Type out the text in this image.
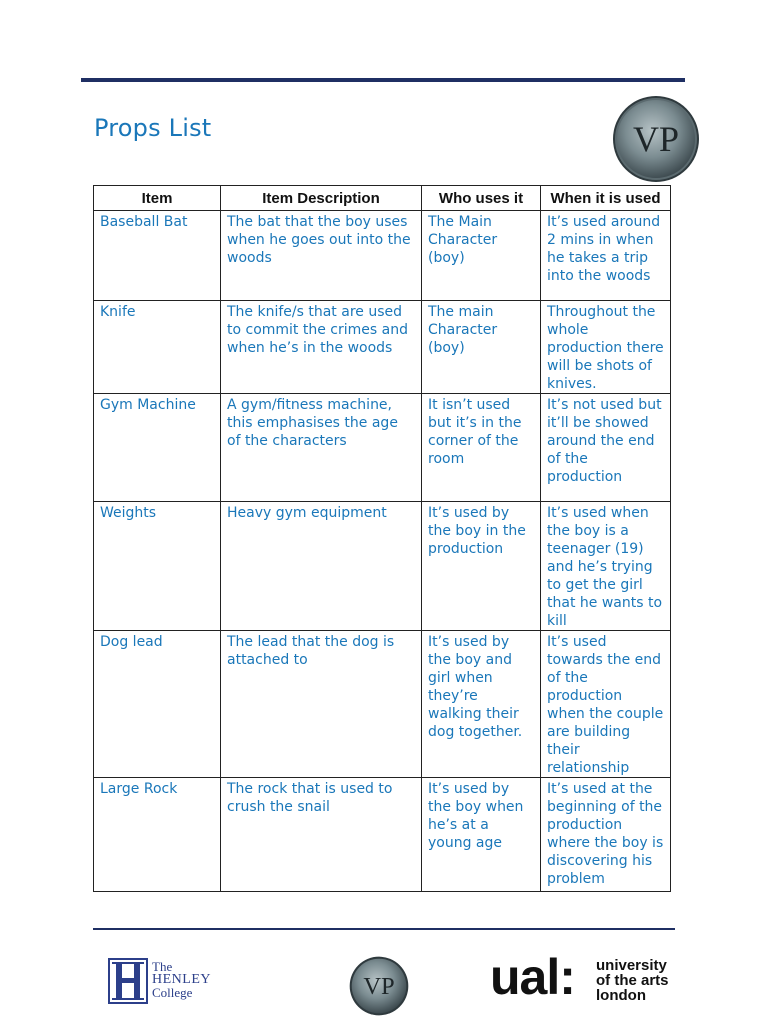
Props List	VP
Item	Item Description	Who uses it	When it is used
Baseball Bat	The bat that the boy uses when he goes out into the woods	The Main Character (boy)	It’s used around 2 mins in when he takes a trip into the woods
Knife	The knife/s that are used to commit the crimes and when he’s in the woods	The main Character (boy)	Throughout the whole production there will be shots of knives.
Gym Machine	A gym/fitness machine, this emphasises the age of the characters	It isn’t used but it’s in the corner of the room	It’s not used but it’ll be showed around the end of the production
Weights	Heavy gym equipment	It’s used by the boy in the production	It’s used when the boy is a teenager (19) and he’s trying to get the girl that he wants to kill
Dog lead	The lead that the dog is attached to	It’s used by the boy and girl when they’re walking their dog together.	It’s used towards the end of the production when the couple are building their relationship
Large Rock	The rock that is used to crush the snail	It’s used by the boy when he’s at a young age	It’s used at the beginning of the production where the boy is discovering his problem
The
HENLEY
College	VP ual: university
of the arts
london
